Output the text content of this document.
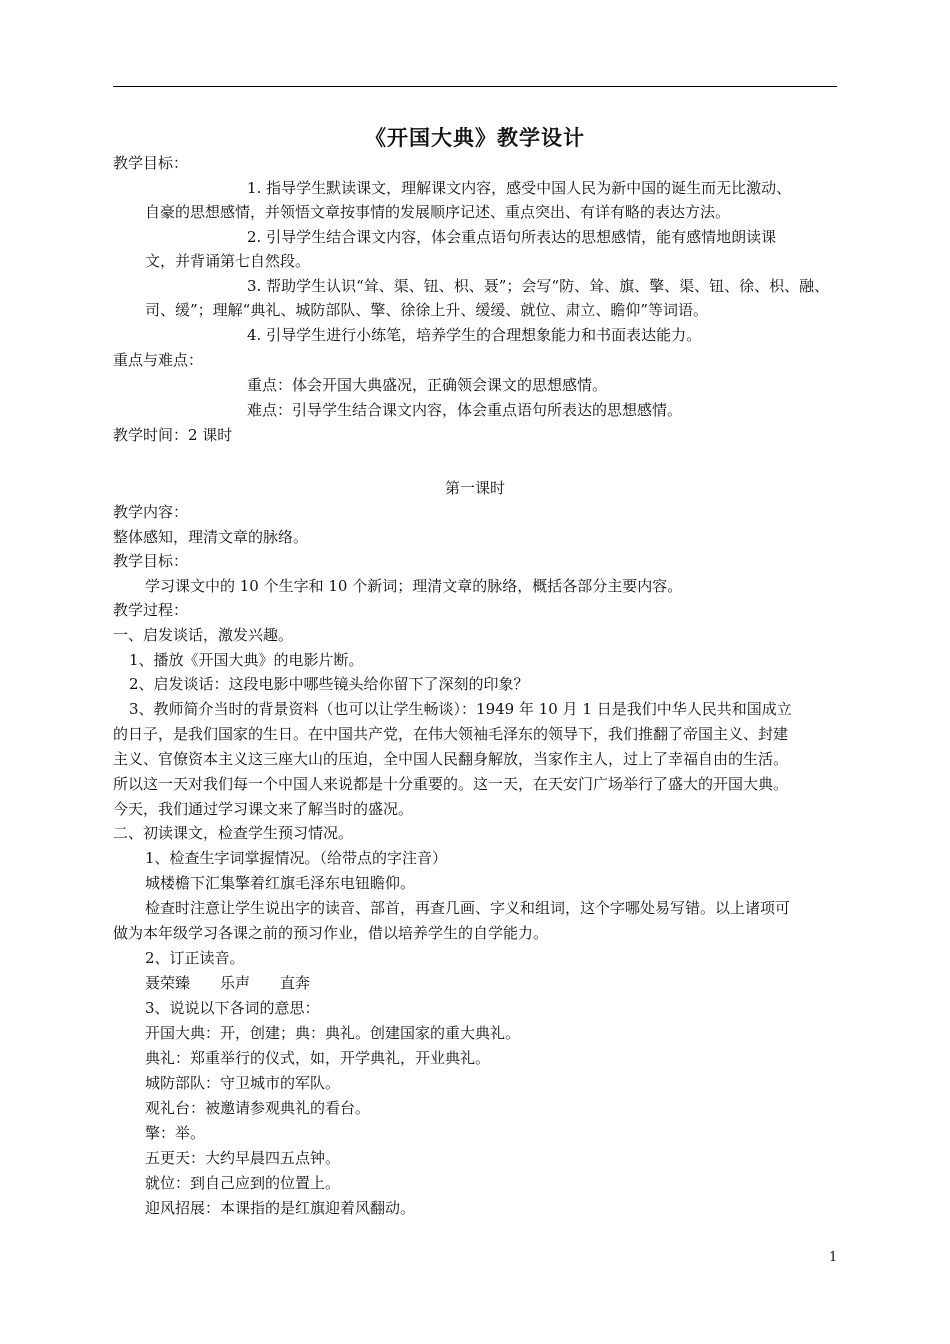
《开国大典》教学设计
教学目标：
1. 指导学生默读课文，理解课文内容，感受中国人民为新中国的诞生而无比激动、
自豪的思想感情，并领悟文章按事情的发展顺序记述、重点突出、有详有略的表达方法。
2. 引导学生结合课文内容，体会重点语句所表达的思想感情，能有感情地朗读课
文，并背诵第七自然段。
3. 帮助学生认识“耸、渠、钮、枳、聂”；会写“防、耸、旗、擎、渠、钮、徐、枳、融、
司、缓”；理解“典礼、城防部队、擎、徐徐上升、缓缓、就位、肃立、瞻仰”等词语。
4. 引导学生进行小练笔，培养学生的合理想象能力和书面表达能力。
重点与难点：
重点：体会开国大典盛况，正确领会课文的思想感情。
难点：引导学生结合课文内容，体会重点语句所表达的思想感情。
教学时间：2 课时
第一课时
教学内容：
整体感知，理清文章的脉络。
教学目标：
学习课文中的 10 个生字和 10 个新词；理清文章的脉络，概括各部分主要内容。
教学过程：
一、启发谈话，激发兴趣。
1、播放《开国大典》的电影片断。
2、启发谈话：这段电影中哪些镜头给你留下了深刻的印象？
3、教师简介当时的背景资料（也可以让学生畅谈）：1949 年 10 月 1 日是我们中华人民共和国成立
的日子，是我们国家的生日。在中国共产党，在伟大领袖毛泽东的领导下，我们推翻了帝国主义、封建
主义、官僚资本主义这三座大山的压迫，全中国人民翻身解放，当家作主人，过上了幸福自由的生活。
所以这一天对我们每一个中国人来说都是十分重要的。这一天，在天安门广场举行了盛大的开国大典。
今天，我们通过学习课文来了解当时的盛况。
二、初读课文，检查学生预习情况。
1、检查生字词掌握情况。（给带点的字注音）
城楼檐下汇集擎着红旗毛泽东电钮瞻仰。
检查时注意让学生说出字的读音、部首，再查几画、字义和组词，这个字哪处易写错。以上诸项可
做为本年级学习各课之前的预习作业，借以培养学生的自学能力。
2、订正读音。
聂荣臻　　乐声　　直奔
3、说说以下各词的意思：
开国大典：开，创建；典：典礼。创建国家的重大典礼。
典礼：郑重举行的仪式，如，开学典礼，开业典礼。
城防部队：守卫城市的军队。
观礼台：被邀请参观典礼的看台。
擎：举。
五更天：大约早晨四五点钟。
就位：到自己应到的位置上。
迎风招展：本课指的是红旗迎着风翻动。
1
